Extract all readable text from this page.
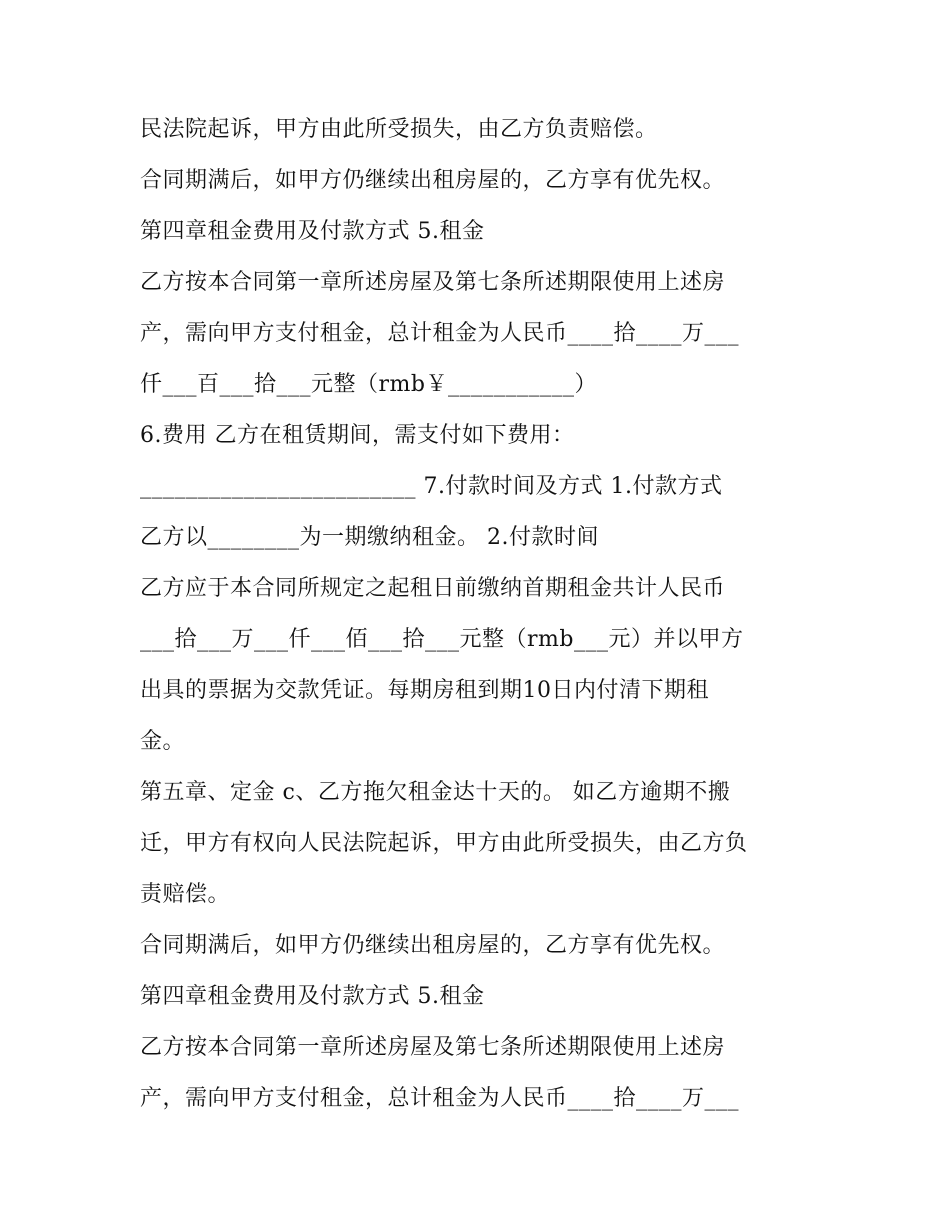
民法院起诉，甲方由此所受损失，由乙方负责赔偿。
合同期满后，如甲方仍继续出租房屋的，乙方享有优先权。
第四章租金费用及付款方式 5.租金
乙方按本合同第一章所述房屋及第七条所述期限使用上述房
产，需向甲方支付租金，总计租金为人民币____拾____万___
仟___百___拾___元整（rmb￥___________）
6.费用 乙方在租赁期间，需支付如下费用：
________________________ 7.付款时间及方式 1.付款方式
乙方以________为一期缴纳租金。 2.付款时间
乙方应于本合同所规定之起租日前缴纳首期租金共计人民币
___拾___万___仟___佰___拾___元整（rmb___元）并以甲方
出具的票据为交款凭证。每期房租到期10日内付清下期租
金。
第五章、定金 c、乙方拖欠租金达十天的。 如乙方逾期不搬
迁，甲方有权向人民法院起诉，甲方由此所受损失，由乙方负
责赔偿。
合同期满后，如甲方仍继续出租房屋的，乙方享有优先权。
第四章租金费用及付款方式 5.租金
乙方按本合同第一章所述房屋及第七条所述期限使用上述房
产，需向甲方支付租金，总计租金为人民币____拾____万___
